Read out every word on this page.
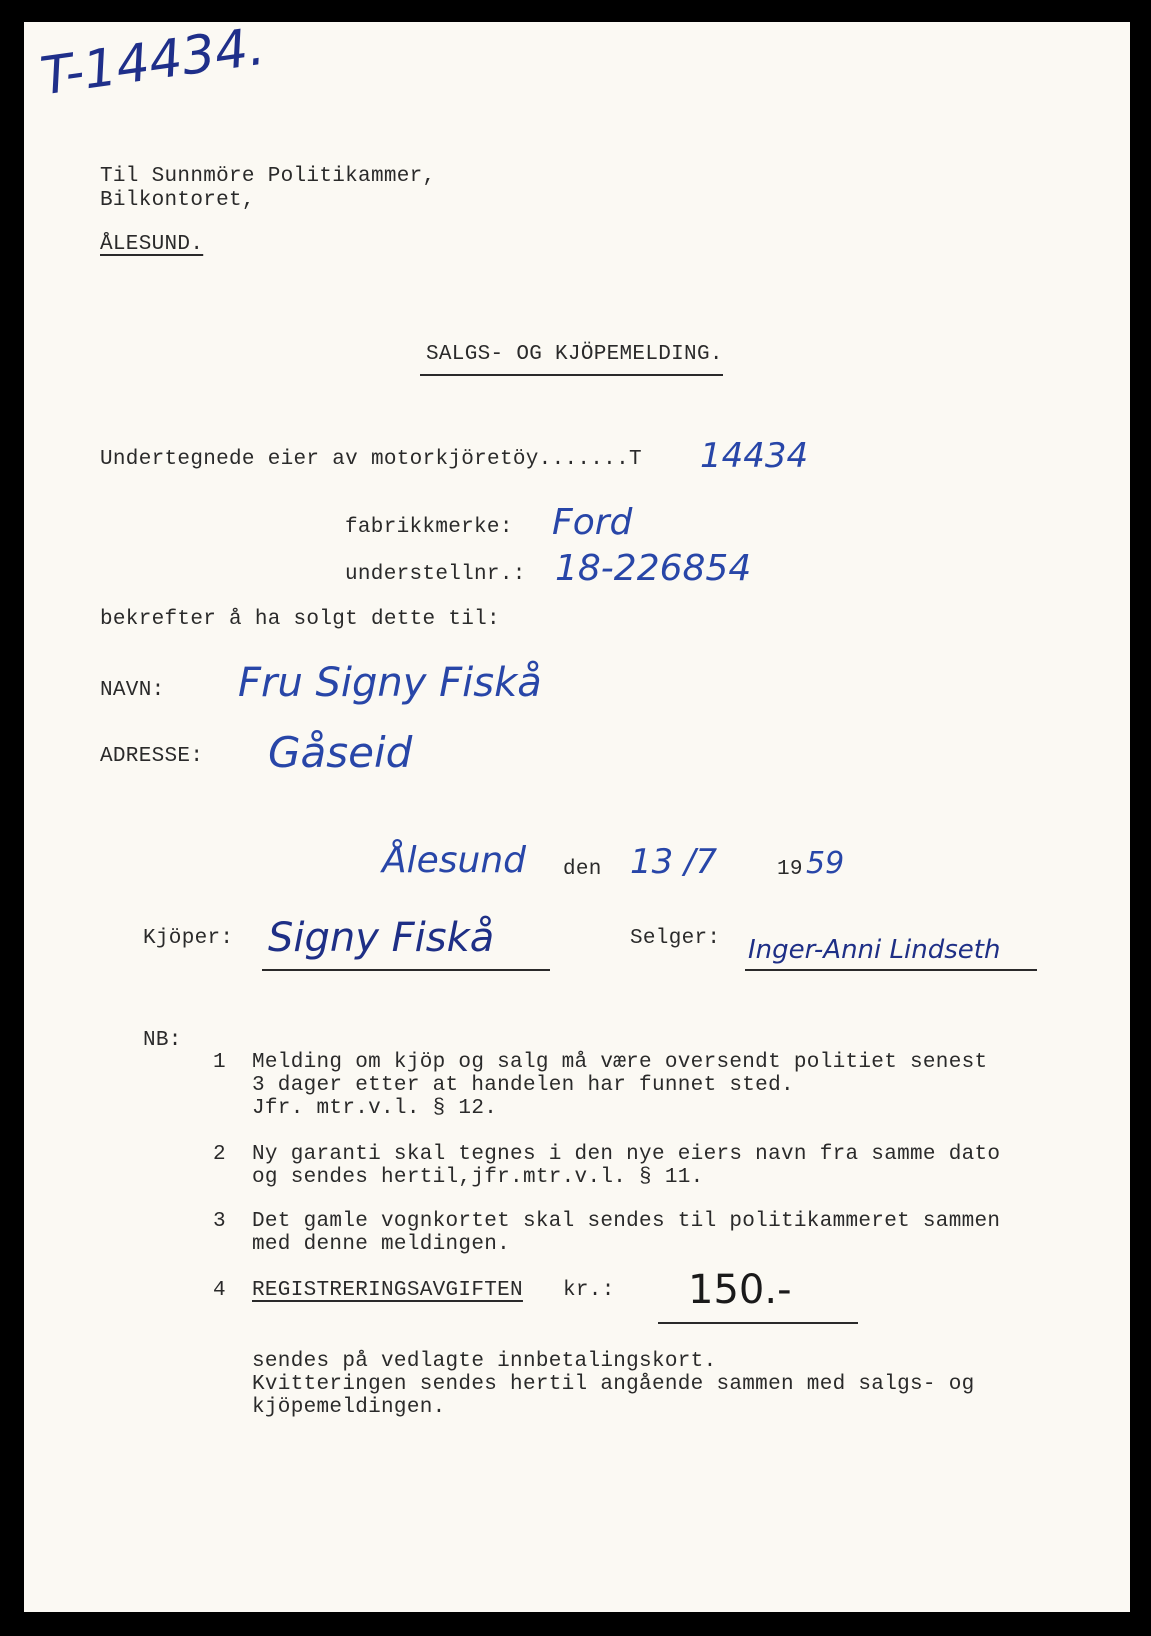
T-14434.
Til Sunnmöre Politikammer,
Bilkontoret,
ÅLESUND.
SALGS- OG KJÖPEMELDING.
Undertegnede eier av motorkjöretöy.......T 14434
fabrikkmerke: Ford
understellnr.: 18-226854
bekrefter å ha solgt dette til:
NAVN: Fru Signy Fiskå
ADRESSE: Gåseid
Ålesund den 13 /7	19 59
Kjöper: Signy Fiskå	Selger: Inger-Anni Lindseth
NB:
1 Melding om kjöp og salg må være oversendt politiet senest
3 dager etter at handelen har funnet sted.
Jfr. mtr.v.l. § 12.
2 Ny garanti skal tegnes i den nye eiers navn fra samme dato
og sendes hertil,jfr.mtr.v.l. § 11.
3 Det gamle vognkortet skal sendes til politikammeret sammen
med denne meldingen.
4 REGISTRERINGSAVGIFTEN kr.: 150.-
sendes på vedlagte innbetalingskort.
Kvitteringen sendes hertil angående sammen med salgs- og
kjöpemeldingen.
